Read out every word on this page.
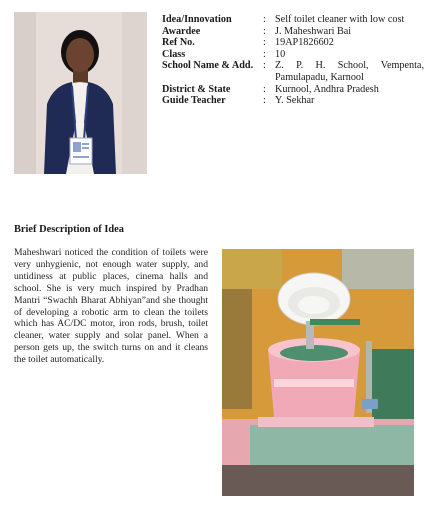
Idea/Innovation	:	Self toilet cleaner with low cost
Awardee	:	J. Maheshwari Bai
Ref No.	:	19AP1826602
Class	:	10
School Name & Add.	:	Z. P. H. School, Vempenta, Pamulapadu, Karnool
District & State	:	Kurnool, Andhra Pradesh
Guide Teacher	:	Y. Sekhar
Brief Description of Idea

Maheshwari noticed the condition of toilets were very unhygienic, not enough water supply, and untidiness at public places, cinema halls and school. She is very much inspired by Pradhan Mantri “Swachh Bharat Abhiyan”and she thought of developing a robotic arm to clean the toilets which has AC/DC motor, iron rods, brush, toilet cleaner, water supply and solar panel. When a person gets up, the switch turns on and it cleans the toilet automatically.
